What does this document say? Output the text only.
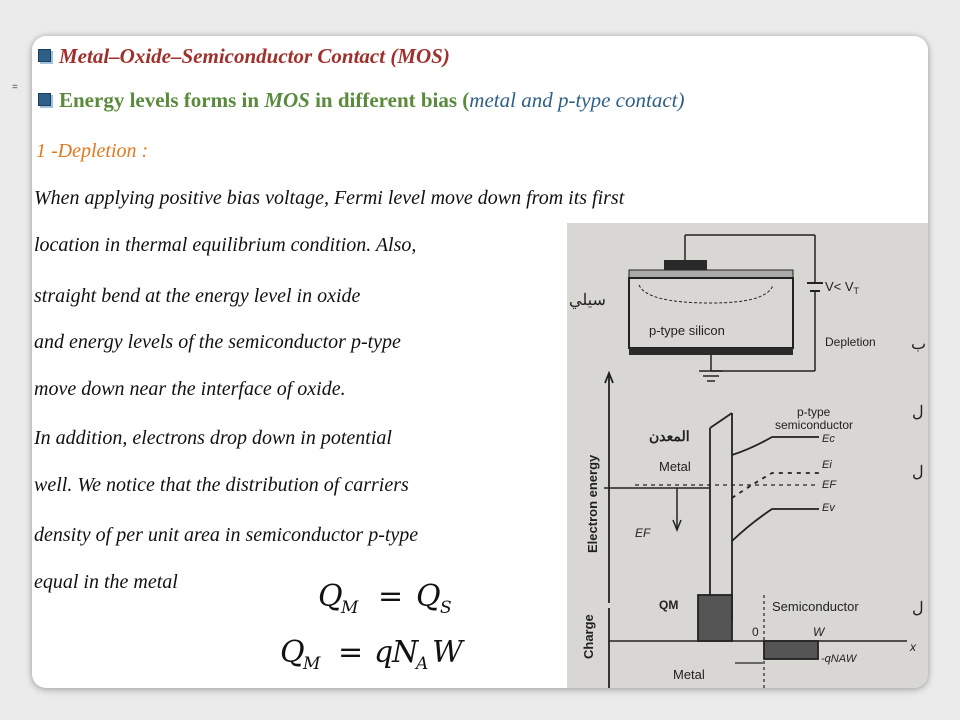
=
Metal–Oxide–Semiconductor Contact (MOS)
Energy levels forms in MOS in different bias (metal and p-type contact)
1 -Depletion :
When applying positive bias voltage, Fermi level move down from its first
location in thermal equilibrium condition. Also,
straight bend at the energy level in oxide
and energy levels of the semiconductor p-type
move down near the interface of oxide.
In addition, electrons drop down in potential
well. We notice that the distribution of carriers
density of per unit area in semiconductor p-type
equal in the metal	Q
M = Q S
Q
M = q
N
A W
$V< V_T$
p-type silicon
Depletion
Electron energy
المعدن
Metal
EF
p-type
semiconductor
Ec
Ei
EF
Ev
Charge
QM	Semiconductor
0	W
-qNAW
x
Metal
سيلي
ب
ل
ل
ل
